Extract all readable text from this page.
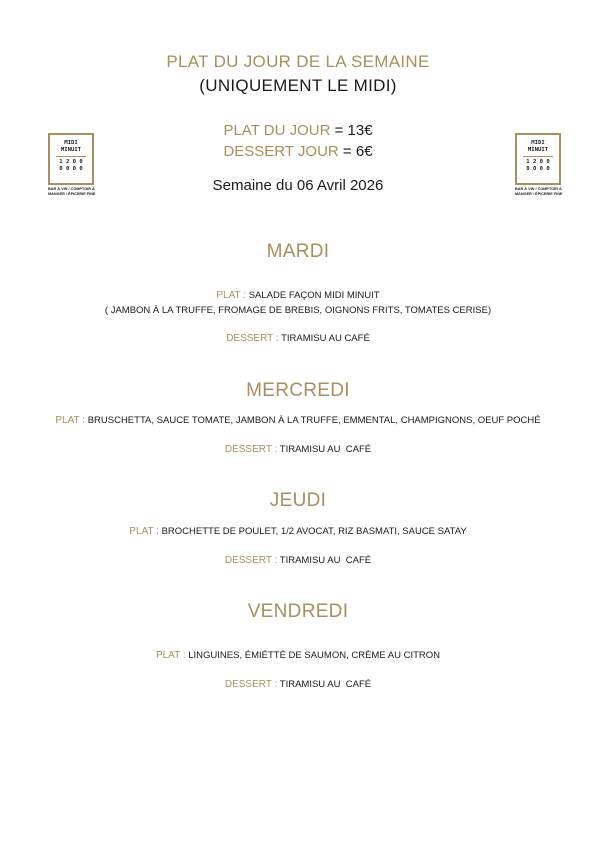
PLAT DU JOUR DE LA SEMAINE
(UNIQUEMENT LE MIDI)
PLAT DU JOUR = 13€
DESSERT JOUR = 6€
Semaine du 06 Avril 2026
MIDI
MINUIT
1 2 0 0
0 0 0 0
BAR À VIN / COMPTOIR À MANGER / ÉPICERIE FINE
MIDI
MINUIT
1 2 0 0
0 0 0 0
BAR À VIN / COMPTOIR À MANGER / ÉPICERIE FINE
MARDI
PLAT : SALADE FAÇON MIDI MINUIT
( JAMBON À LA TRUFFE, FROMAGE DE BREBIS, OIGNONS FRITS, TOMATES CERISE)
DESSERT : TIRAMISU AU CAFÉ
MERCREDI
PLAT : BRUSCHETTA, SAUCE TOMATE, JAMBON À LA TRUFFE, EMMENTAL, CHAMPIGNONS, OEUF POCHÉ
DESSERT : TIRAMISU AU  CAFÉ
JEUDI
PLAT : BROCHETTE DE POULET, 1/2 AVOCAT, RIZ BASMATI, SAUCE SATAY
DESSERT : TIRAMISU AU  CAFÉ
VENDREDI
PLAT : LINGUINES, ÉMIÉTTÉ DE SAUMON, CRÈME AU CITRON
DESSERT : TIRAMISU AU  CAFÉ
